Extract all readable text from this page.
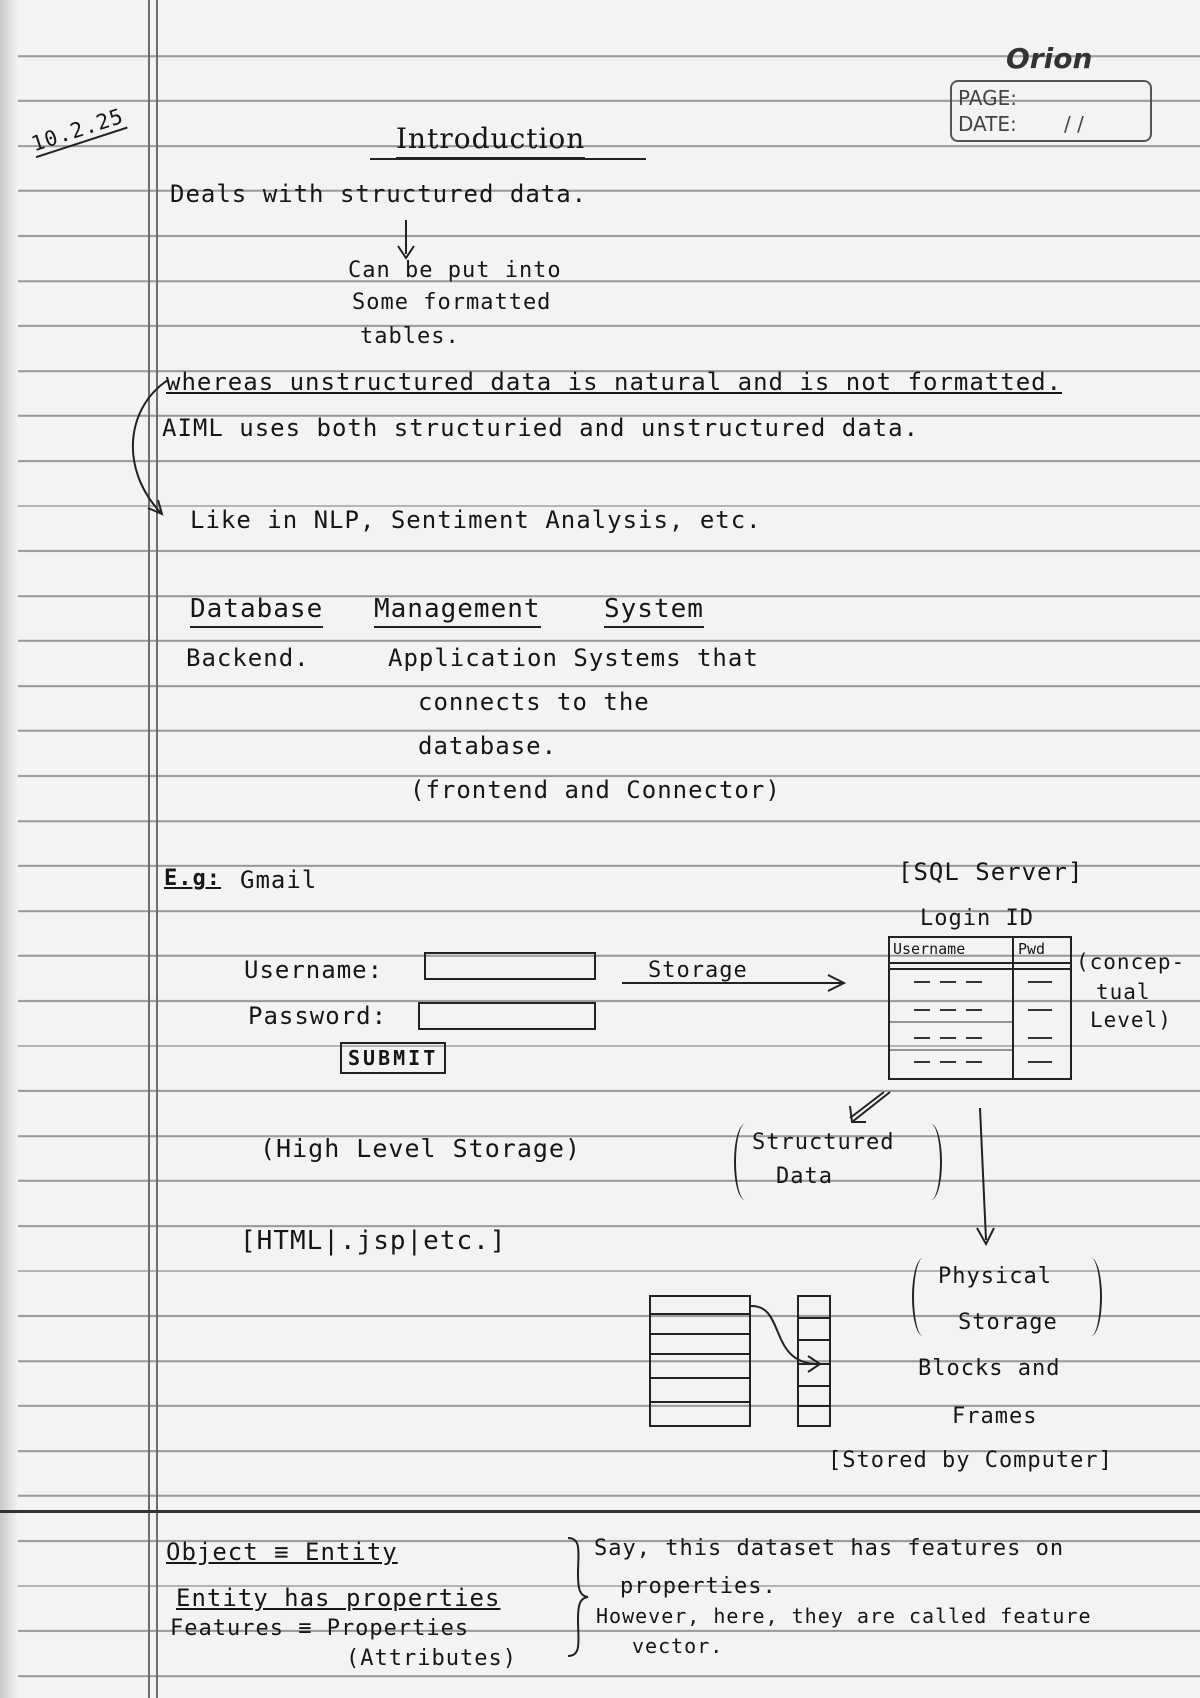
Orion
PAGE:
DATE: / /
10.2.25	Introduction
Deals with structured data.
Can be put into
Some formatted
tables.
whereas unstructured data is natural and is not formatted.
AIML uses both structuried and unstructured data.
Like in NLP, Sentiment Analysis, etc.
Database Management System
Backend.	Application Systems that
connects to the
database.
(frontend and Connector)
E.g: Gmail
Username:
Password:
SUBMIT
Storage
[SQL Server]
Login ID
Username	Pwd
(concep-
tual
Level)
(High Level Storage)	Structured
Data
[HTML|.jsp|etc.]
Physical
Storage
Blocks and
Frames
[Stored by Computer]
Object ≡ Entity
Entity has properties
Features ≡ Properties
(Attributes)
Say, this dataset has features on
properties.
However, here, they are called feature
vector.
